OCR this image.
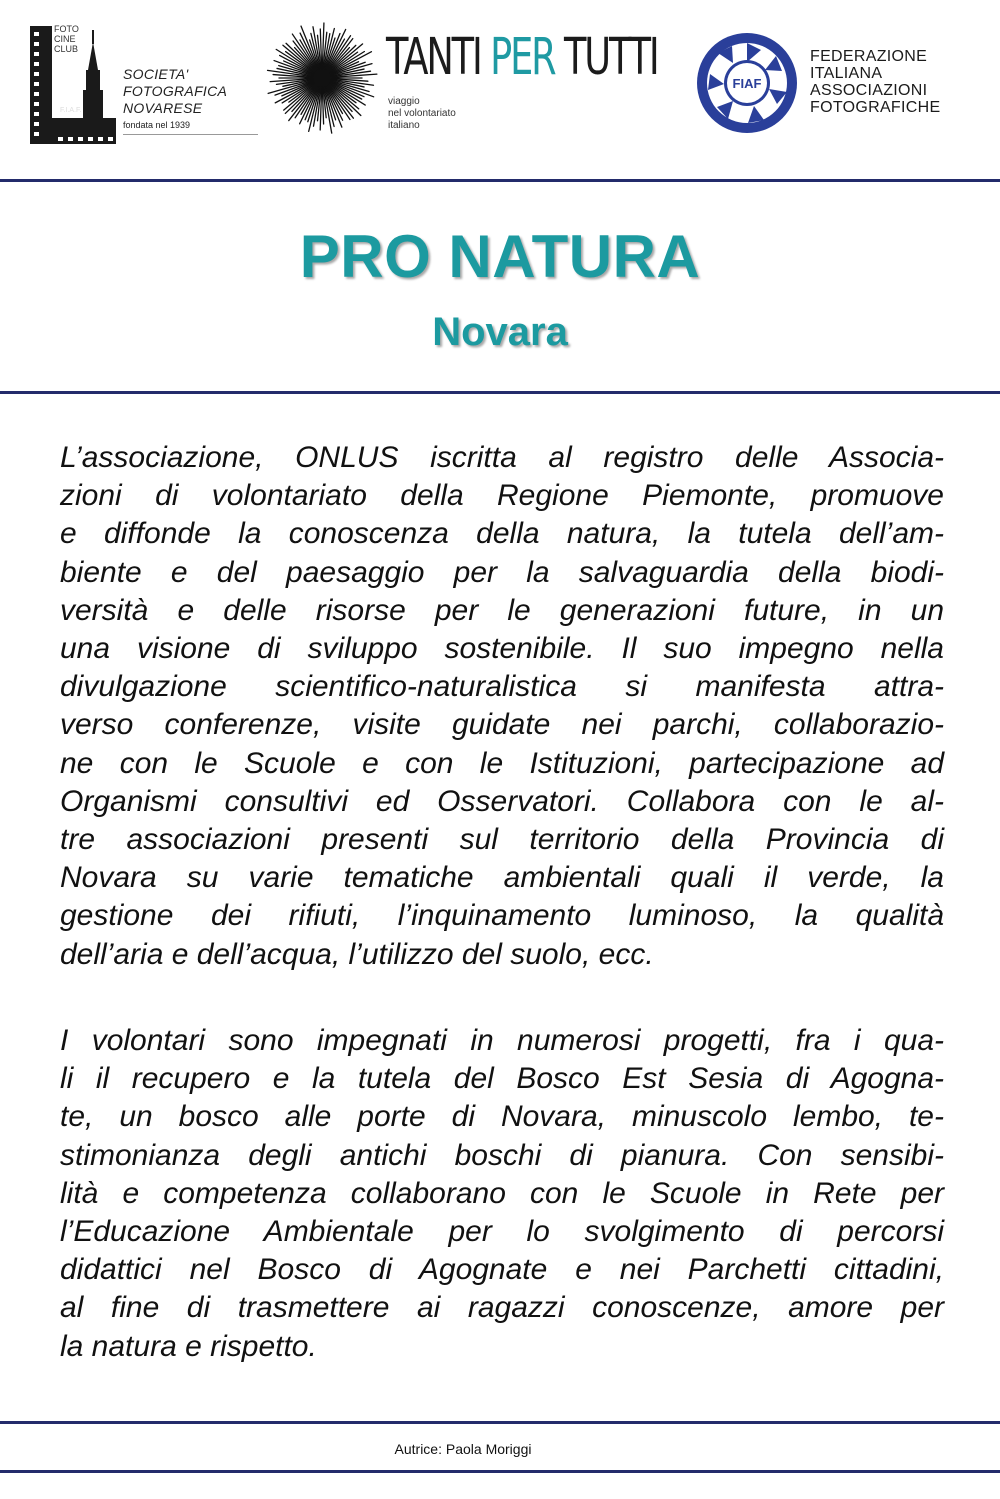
FOTO
CINE
CLUB
F.I.A.F.
SOCIETA'
FOTOGRAFICA
NOVARESE
fondata nel 1939
TANTI PER TUTTI
viaggio
nel volontariato
italiano
FIAF
FEDERAZIONE
ITALIANA
ASSOCIAZIONI
FOTOGRAFICHE
PRO NATURA
Novara
L’associazione, ONLUS iscritta al registro delle Associa-
zioni di volontariato della Regione Piemonte, promuove
e diffonde la conoscenza della natura, la tutela dell’am-
biente e del paesaggio per la salvaguardia della biodi-
versità e delle risorse per le generazioni future, in un
una visione di sviluppo sostenibile. Il suo impegno nella
divulgazione scientifico-naturalistica si manifesta attra-
verso conferenze, visite guidate nei parchi, collaborazio-
ne con le Scuole e con le Istituzioni, partecipazione ad
Organismi consultivi ed Osservatori. Collabora con le al-
tre associazioni presenti sul territorio della Provincia di
Novara su varie tematiche ambientali quali il verde, la
gestione dei rifiuti, l’inquinamento luminoso, la qualità
dell’aria e dell’acqua, l’utilizzo del suolo, ecc.
I volontari sono impegnati in numerosi progetti, fra i qua-
li il recupero e la tutela del Bosco Est Sesia di Agogna-
te, un bosco alle porte di Novara, minuscolo lembo, te-
stimonianza degli antichi boschi di pianura. Con sensibi-
lità e competenza collaborano con le Scuole in Rete per
l’Educazione Ambientale per lo svolgimento di percorsi
didattici nel Bosco di Agognate e nei Parchetti cittadini,
al fine di trasmettere ai ragazzi conoscenze, amore per
la natura e rispetto.
Autrice: Paola Moriggi
